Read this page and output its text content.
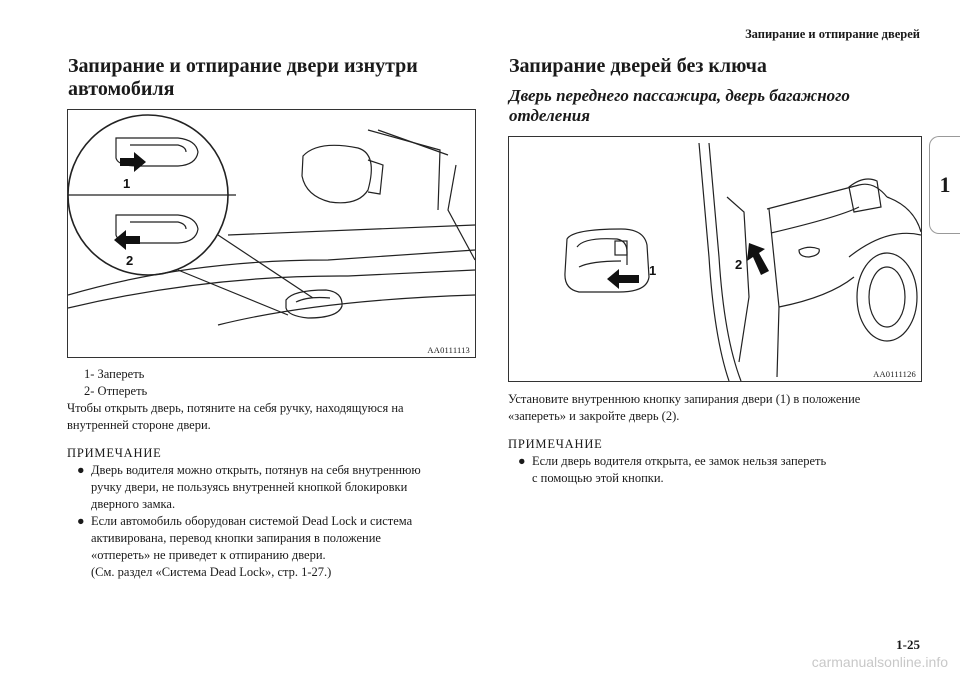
Запирание и отпирание дверей
1
Запирание и отпирание двери изнутри
автомобиля
1
2
AA0111113
1- Запереть
2- Отпереть
Чтобы открыть дверь, потяните на себя ручку, находящуюся на
внутренней стороне двери.
ПРИМЕЧАНИЕ
● Дверь водителя можно открыть, потянув на себя внутреннюю
ручку двери, не пользуясь внутренней кнопкой блокировки
дверного замка.
● Если автомобиль оборудован системой Dead Lock и система
активирована, перевод кнопки запирания в положение
«отпереть» не приведет к отпиранию двери.
(См. раздел «Система Dead Lock», стр. 1-27.)
Запирание дверей без ключа
Дверь переднего пассажира, дверь багажного
отделения
1	2
AA0111126
Установите внутреннюю кнопку запирания двери (1) в положение
«запереть» и закройте дверь (2).
ПРИМЕЧАНИЕ
● Если дверь водителя открыта, ее замок нельзя запереть
с помощью этой кнопки.
1-25
carmanualsonline.info
